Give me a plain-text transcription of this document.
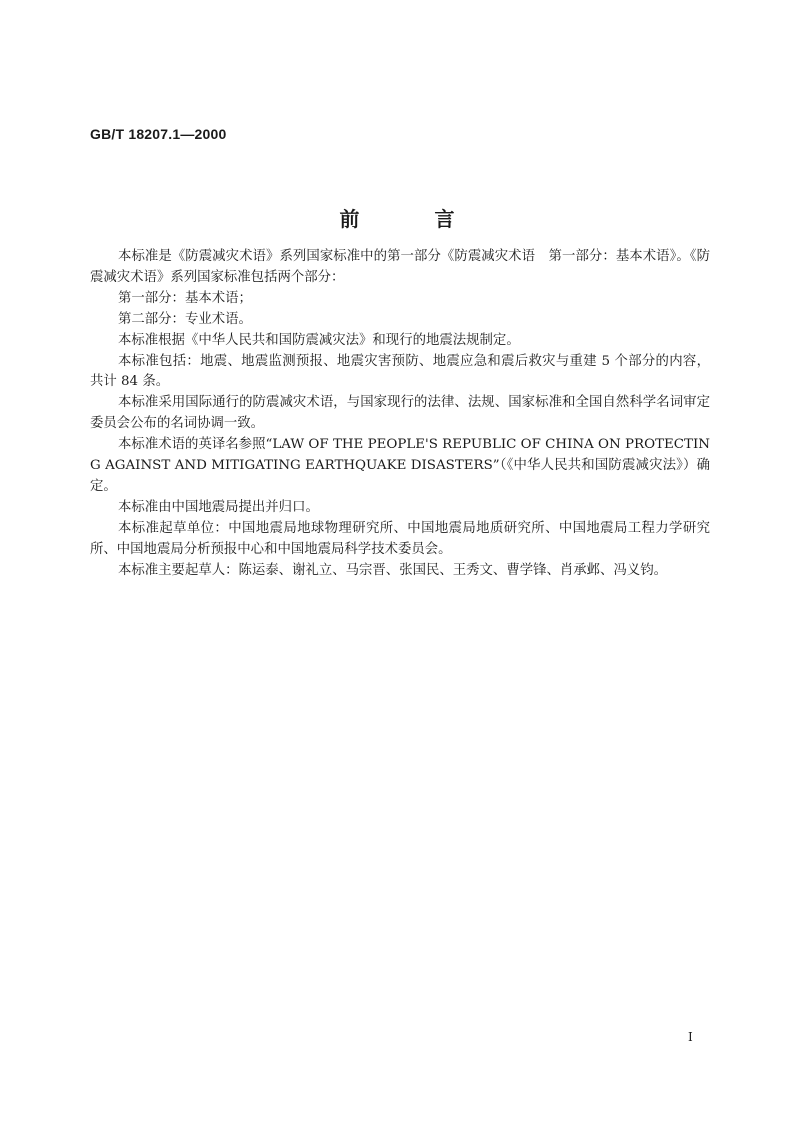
GB/T 18207.1—2000
前 言

本标准是《防震减灾术语》系列国家标准中的第一部分《防震减灾术语　第一部分：基本术语》。《防震减灾术语》系列国家标准包括两个部分：

第一部分：基本术语；

第二部分：专业术语。

本标准根据《中华人民共和国防震减灾法》和现行的地震法规制定。

本标准包括：地震、地震监测预报、地震灾害预防、地震应急和震后救灾与重建 5 个部分的内容，共计 84 条。

本标准采用国际通行的防震减灾术语，与国家现行的法律、法规、国家标准和全国自然科学名词审定委员会公布的名词协调一致。

本标准术语的英译名参照“LAW OF THE PEOPLE'S REPUBLIC OF CHINA ON PROTECTING AGAINST AND MITIGATING EARTHQUAKE DISASTERS”（《中华人民共和国防震减灾法》）确定。

本标准由中国地震局提出并归口。

本标准起草单位：中国地震局地球物理研究所、中国地震局地质研究所、中国地震局工程力学研究所、中国地震局分析预报中心和中国地震局科学技术委员会。

本标准主要起草人：陈运泰、谢礼立、马宗晋、张国民、王秀文、曹学锋、肖承邺、冯义钧。

I
